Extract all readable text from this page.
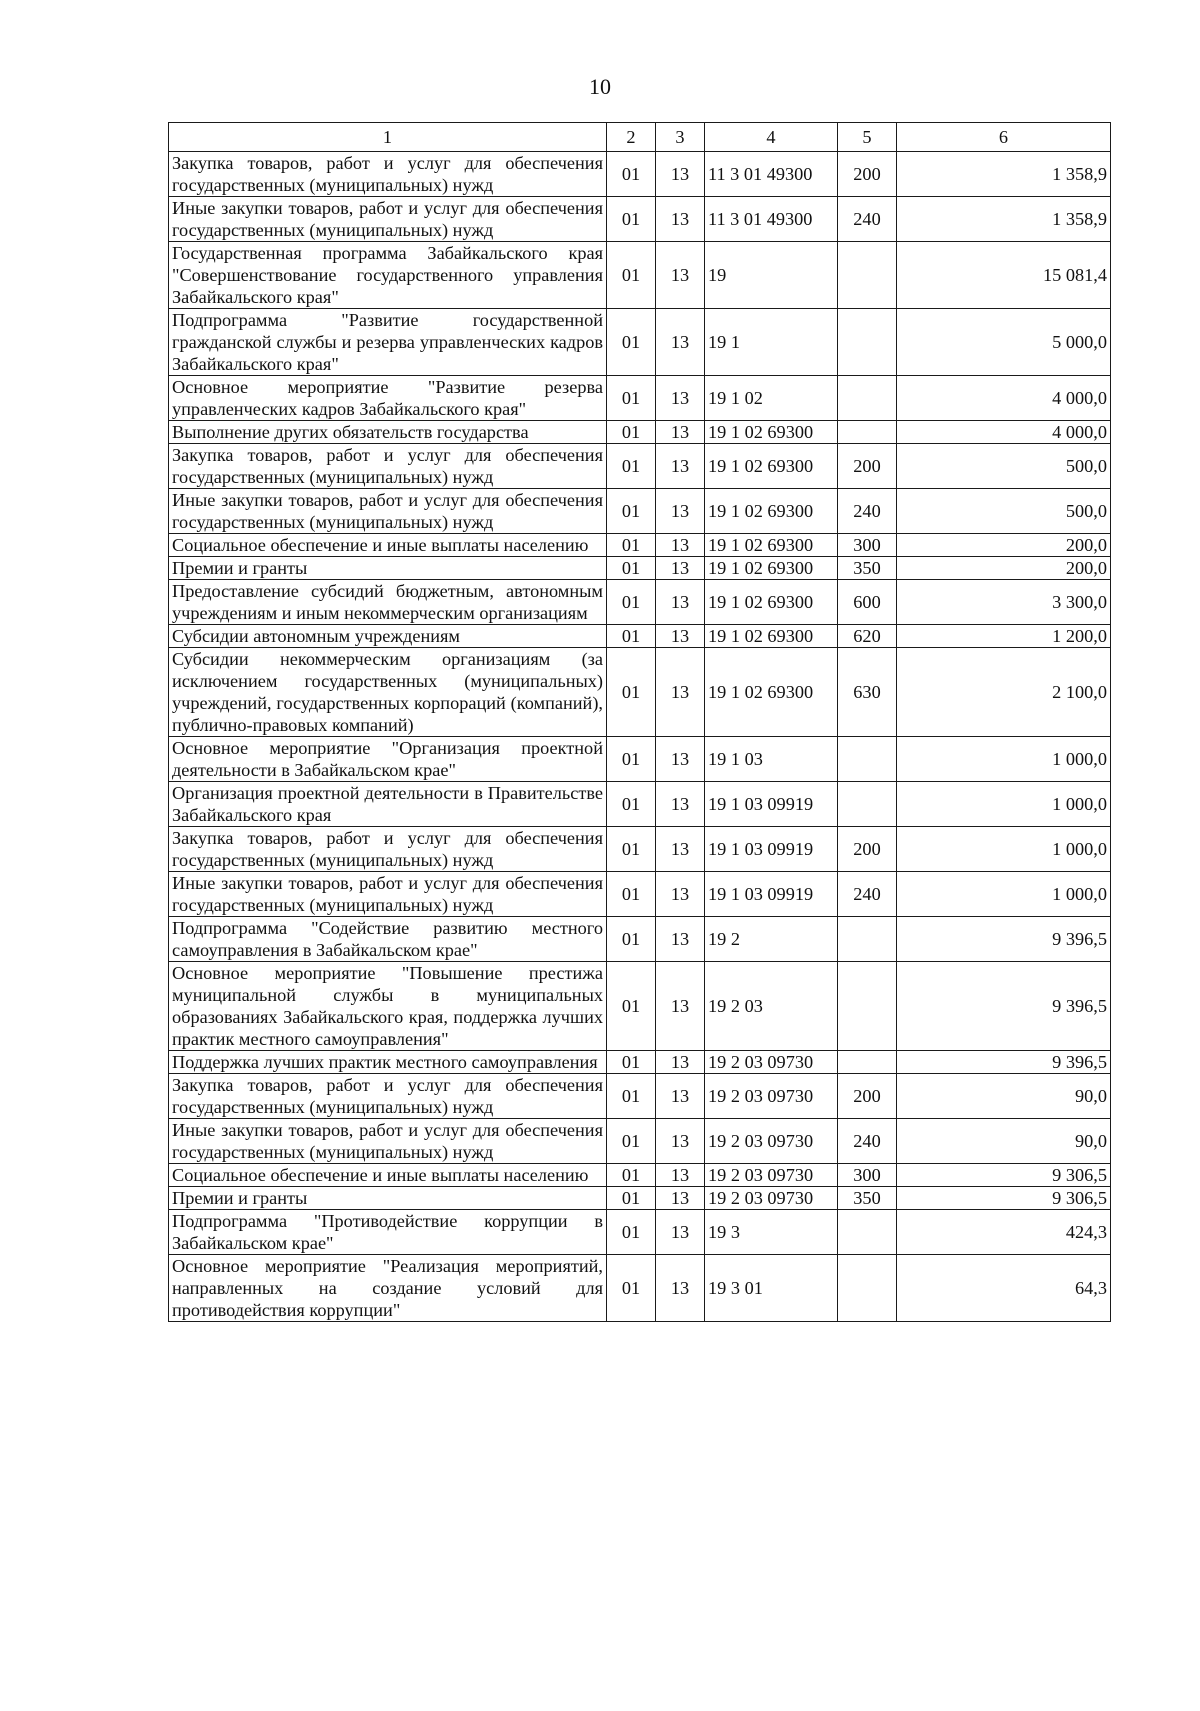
10
1	2	3	4	5	6
Закупка товаров, работ и услуг для обеспечения государственных (муниципальных) нужд	01	13	11 3 01 49300	200	1 358,9
Иные закупки товаров, работ и услуг для обеспечения государственных (муниципальных) нужд	01	13	11 3 01 49300	240	1 358,9
Государственная программа Забайкальского края "Совершенствование государственного управления Забайкальского края"	01	13	19		15 081,4
Подпрограмма "Развитие государственной гражданской службы и резерва управленческих кадров Забайкальского края"	01	13	19 1		5 000,0
Основное мероприятие "Развитие резерва управленческих кадров Забайкальского края"	01	13	19 1 02		4 000,0
Выполнение других обязательств государства	01	13	19 1 02 69300		4 000,0
Закупка товаров, работ и услуг для обеспечения государственных (муниципальных) нужд	01	13	19 1 02 69300	200	500,0
Иные закупки товаров, работ и услуг для обеспечения государственных (муниципальных) нужд	01	13	19 1 02 69300	240	500,0
Социальное обеспечение и иные выплаты населению	01	13	19 1 02 69300	300	200,0
Премии и гранты	01	13	19 1 02 69300	350	200,0
Предоставление субсидий бюджетным, автономным учреждениям и иным некоммерческим организациям	01	13	19 1 02 69300	600	3 300,0
Субсидии автономным учреждениям	01	13	19 1 02 69300	620	1 200,0
Субсидии некоммерческим организациям (за исключением государственных (муниципальных) учреждений, государственных корпораций (компаний), публично-правовых компаний)	01	13	19 1 02 69300	630	2 100,0
Основное мероприятие "Организация проектной деятельности в Забайкальском крае"	01	13	19 1 03		1 000,0
Организация проектной деятельности в Правительстве Забайкальского края	01	13	19 1 03 09919		1 000,0
Закупка товаров, работ и услуг для обеспечения государственных (муниципальных) нужд	01	13	19 1 03 09919	200	1 000,0
Иные закупки товаров, работ и услуг для обеспечения государственных (муниципальных) нужд	01	13	19 1 03 09919	240	1 000,0
Подпрограмма "Содействие развитию местного самоуправления в Забайкальском крае"	01	13	19 2		9 396,5
Основное мероприятие "Повышение престижа муниципальной службы в муниципальных образованиях Забайкальского края, поддержка лучших практик местного самоуправления"	01	13	19 2 03		9 396,5
Поддержка лучших практик местного самоуправления	01	13	19 2 03 09730		9 396,5
Закупка товаров, работ и услуг для обеспечения государственных (муниципальных) нужд	01	13	19 2 03 09730	200	90,0
Иные закупки товаров, работ и услуг для обеспечения государственных (муниципальных) нужд	01	13	19 2 03 09730	240	90,0
Социальное обеспечение и иные выплаты населению	01	13	19 2 03 09730	300	9 306,5
Премии и гранты	01	13	19 2 03 09730	350	9 306,5
Подпрограмма "Противодействие коррупции в Забайкальском крае"	01	13	19 3		424,3
Основное мероприятие "Реализация мероприятий, направленных на создание условий для противодействия коррупции"	01	13	19 3 01		64,3
